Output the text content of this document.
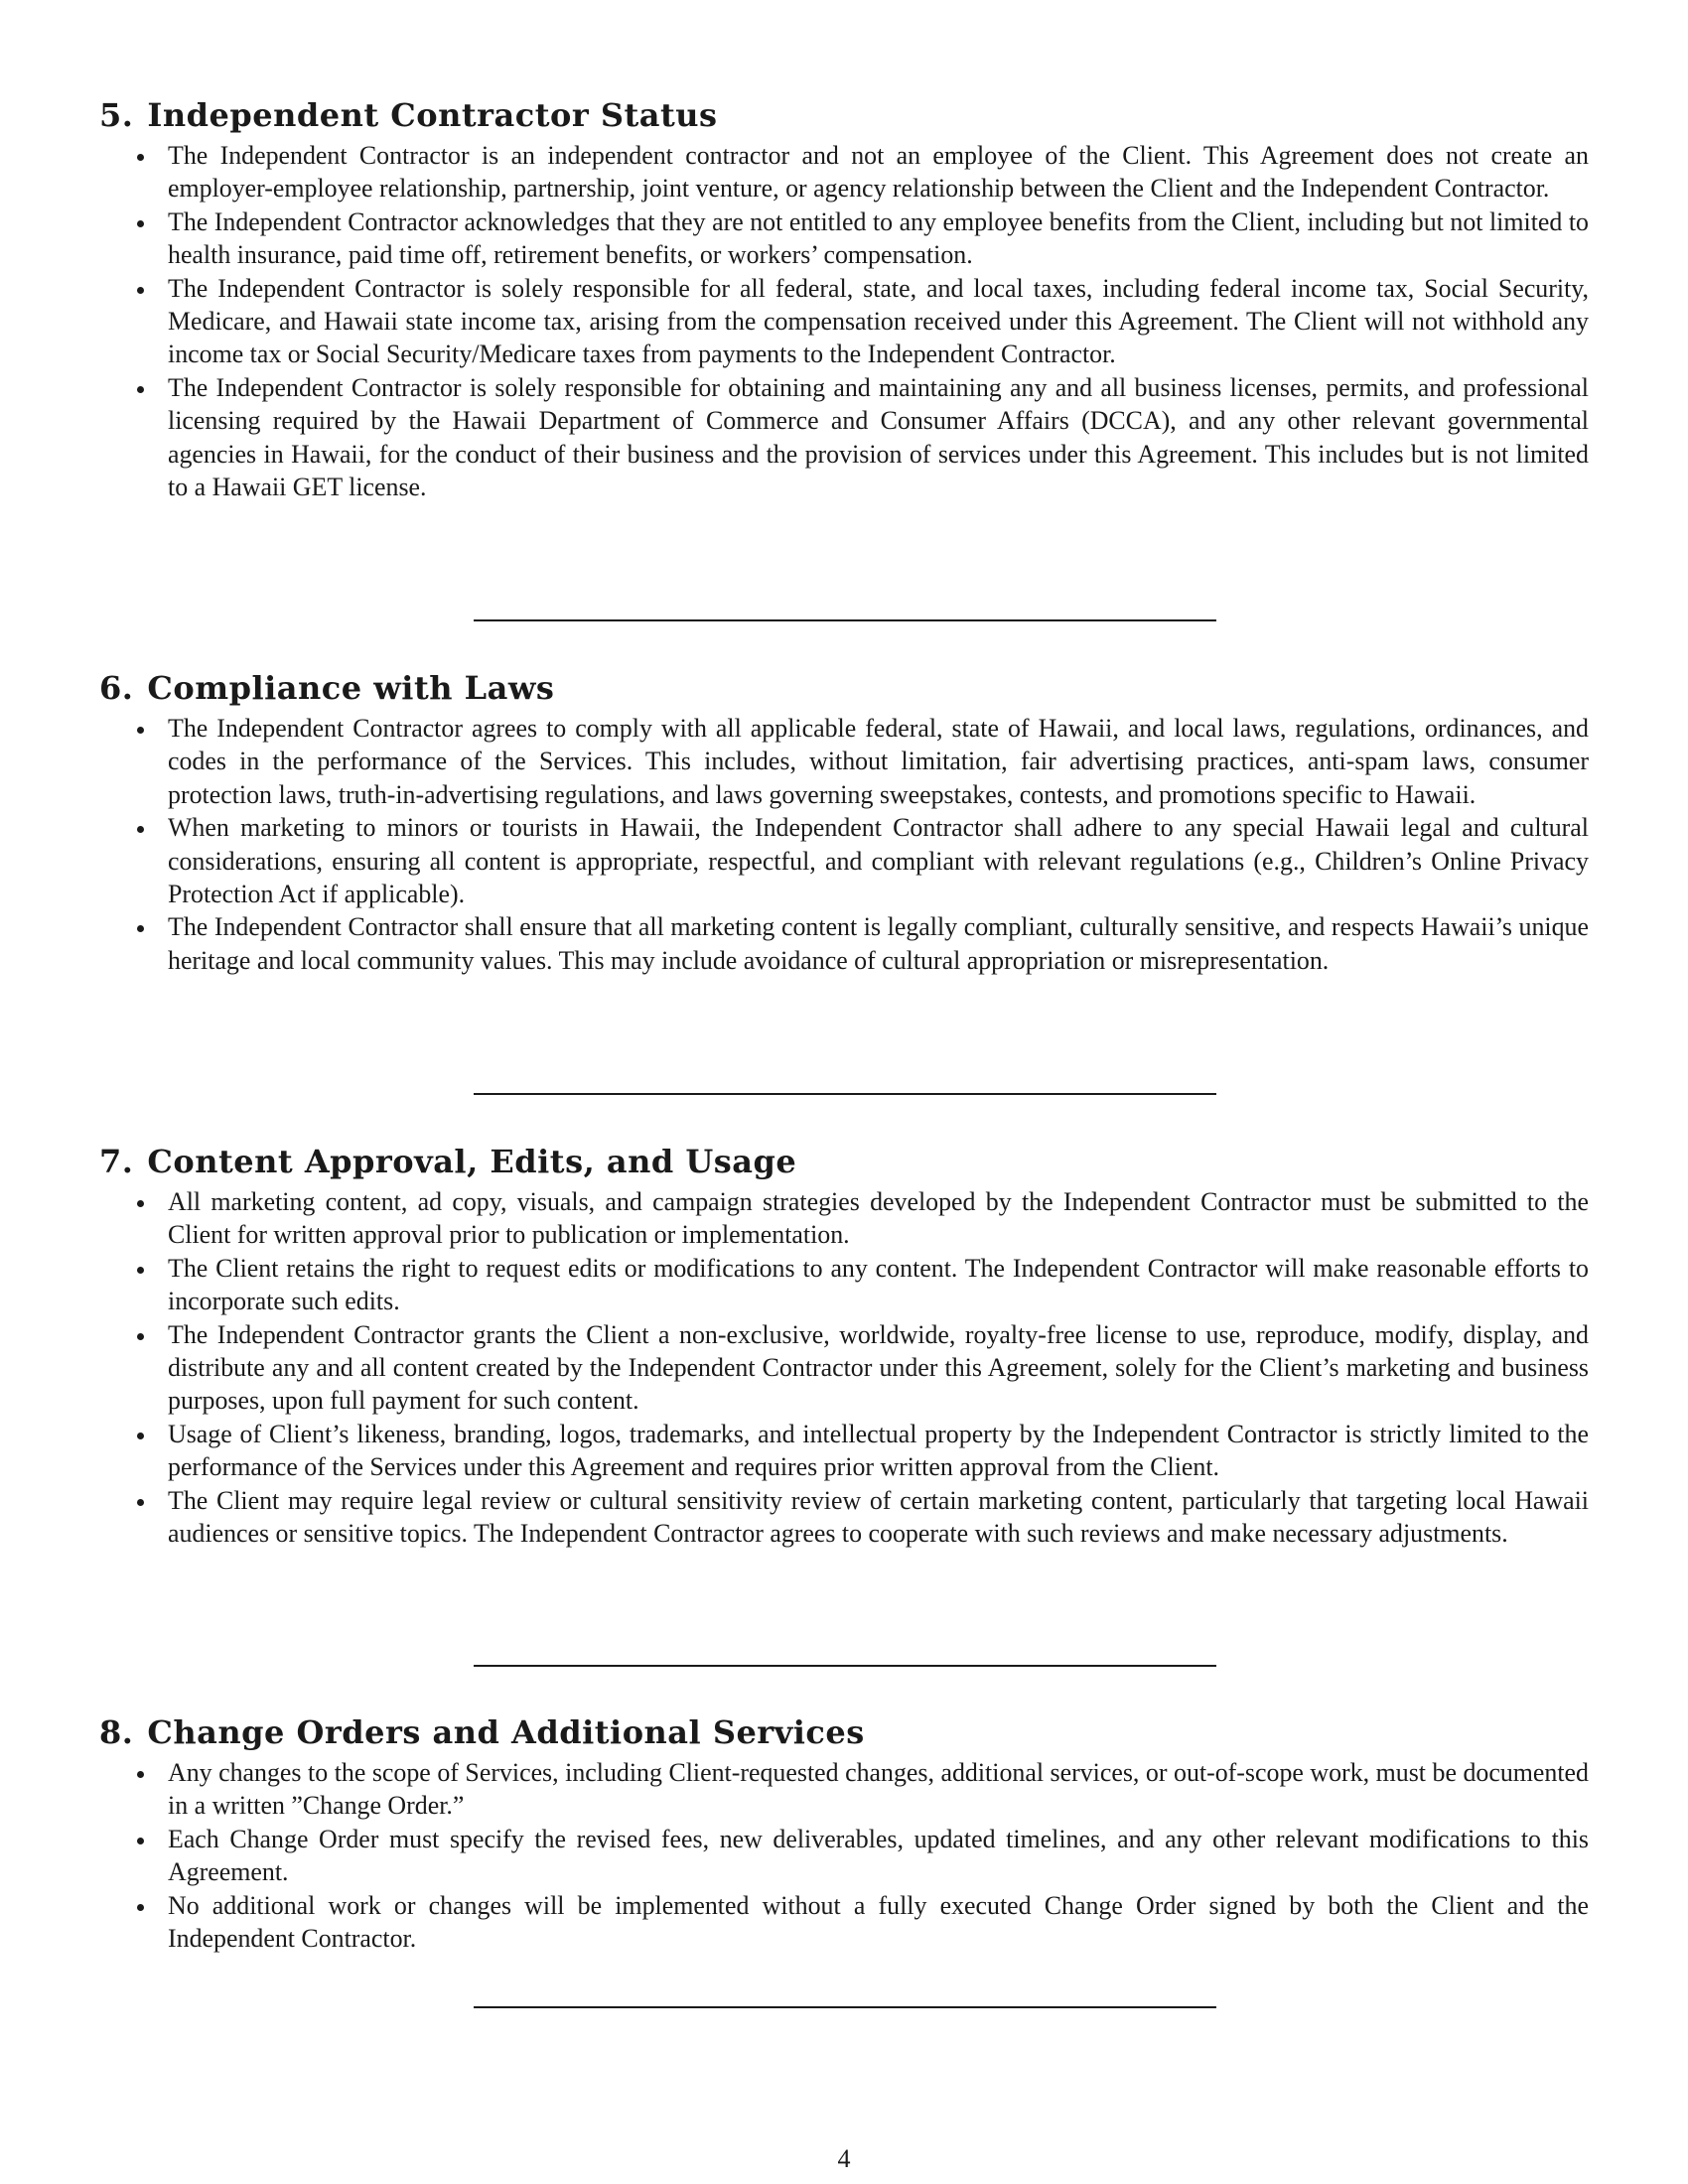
5. Independent Contractor Status
The Independent Contractor is an independent contractor and not an employee of the Client. This Agreement does not create an employer-employee relationship, partnership, joint venture, or agency relationship between the Client and the Independent Contractor.
The Independent Contractor acknowledges that they are not entitled to any employee benefits from the Client, including but not limited to health insurance, paid time off, retirement benefits, or workers’ compensation.
The Independent Contractor is solely responsible for all federal, state, and local taxes, including federal income tax, Social Security, Medicare, and Hawaii state income tax, arising from the compensation received under this Agreement. The Client will not withhold any income tax or Social Security/Medicare taxes from payments to the Independent Contractor.
The Independent Contractor is solely responsible for obtaining and maintaining any and all business licenses, permits, and professional licensing required by the Hawaii Department of Commerce and Consumer Affairs (DCCA), and any other relevant governmental agencies in Hawaii, for the conduct of their business and the provision of services under this Agreement. This includes but is not limited to a Hawaii GET license.
6. Compliance with Laws
The Independent Contractor agrees to comply with all applicable federal, state of Hawaii, and local laws, regulations, ordinances, and codes in the performance of the Services. This includes, without limitation, fair advertising practices, anti-spam laws, consumer protection laws, truth-in-advertising regulations, and laws governing sweepstakes, contests, and promotions specific to Hawaii.
When marketing to minors or tourists in Hawaii, the Independent Contractor shall adhere to any special Hawaii legal and cultural considerations, ensuring all content is appropriate, respectful, and compliant with relevant regulations (e.g., Children’s Online Privacy Protection Act if applicable).
The Independent Contractor shall ensure that all marketing content is legally compliant, culturally sensitive, and respects Hawaii’s unique heritage and local community values. This may include avoidance of cultural appropriation or misrepresentation.
7. Content Approval, Edits, and Usage
All marketing content, ad copy, visuals, and campaign strategies developed by the Independent Contractor must be submitted to the Client for written approval prior to publication or implementation.
The Client retains the right to request edits or modifications to any content. The Independent Contractor will make reasonable efforts to incorporate such edits.
The Independent Contractor grants the Client a non-exclusive, worldwide, royalty-free license to use, reproduce, modify, display, and distribute any and all content created by the Independent Contractor under this Agreement, solely for the Client’s marketing and business purposes, upon full payment for such content.
Usage of Client’s likeness, branding, logos, trademarks, and intellectual property by the Independent Contractor is strictly limited to the performance of the Services under this Agreement and requires prior written approval from the Client.
The Client may require legal review or cultural sensitivity review of certain marketing content, particularly that targeting local Hawaii audiences or sensitive topics. The Independent Contractor agrees to cooperate with such reviews and make necessary adjustments.
8. Change Orders and Additional Services
Any changes to the scope of Services, including Client-requested changes, additional services, or out-of-scope work, must be documented in a written ”Change Order.”
Each Change Order must specify the revised fees, new deliverables, updated timelines, and any other relevant modifications to this Agreement.
No additional work or changes will be implemented without a fully executed Change Order signed by both the Client and the Independent Contractor.
4
